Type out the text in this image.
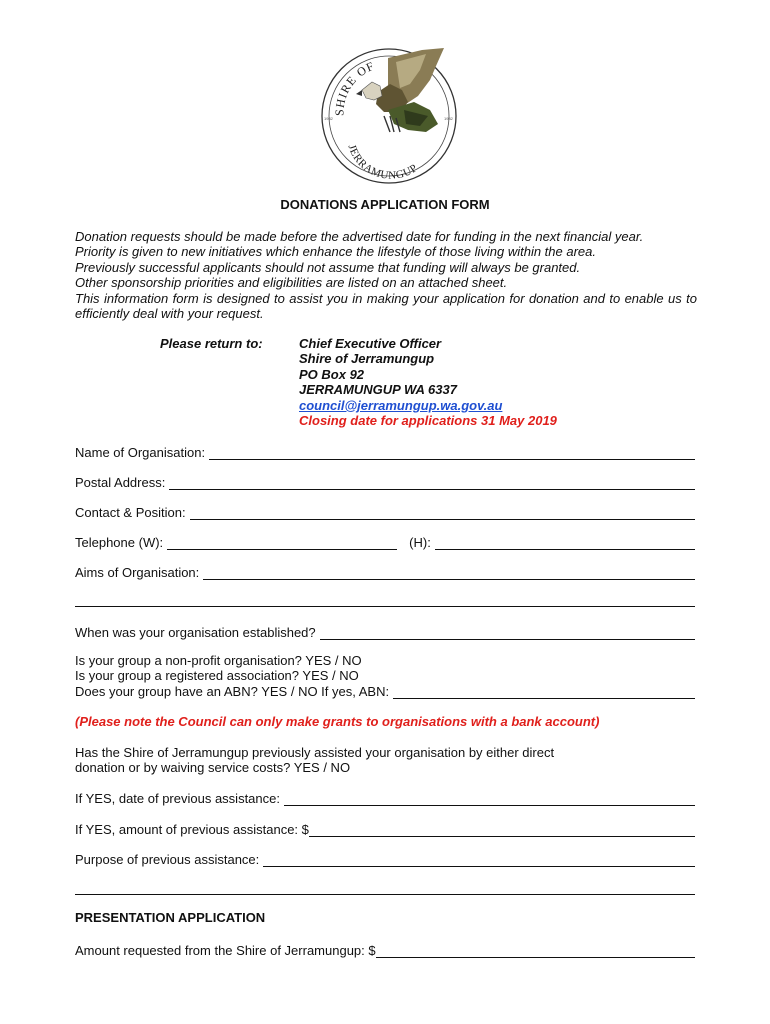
SHIRE OF
JERRAMUNGUP
1982	1982
DONATIONS APPLICATION FORM

Donation requests should be made before the advertised date for funding in the next financial year.

Priority is given to new initiatives which enhance the lifestyle of those living within the area.

Previously successful applicants should not assume that funding will always be granted.

Other sponsorship priorities and eligibilities are listed on an attached sheet.

This information form is designed to assist you in making your application for donation and to enable us to efficiently deal with your request.

Please return to:	Chief Executive Officer
Shire of Jerramungup
PO Box 92
JERRAMUNGUP WA 6337
council@jerramungup.wa.gov.au
Closing date for applications 31 May 2019
Name of Organisation:
Postal Address:
Contact & Position:
Telephone (W):	(H):
Aims of Organisation:
When was your organisation established?

Is your group a non-profit organisation? YES / NO

Is your group a registered association? YES / NO

Does your group have an ABN? YES / NO If yes, ABN:
(Please note the Council can only make grants to organisations with a bank account)

Has the Shire of Jerramungup previously assisted your organisation by either direct

donation or by waiving service costs? YES / NO

If YES, date of previous assistance:
If YES, amount of previous assistance: $
Purpose of previous assistance:
PRESENTATION APPLICATION
Amount requested from the Shire of Jerramungup: $
